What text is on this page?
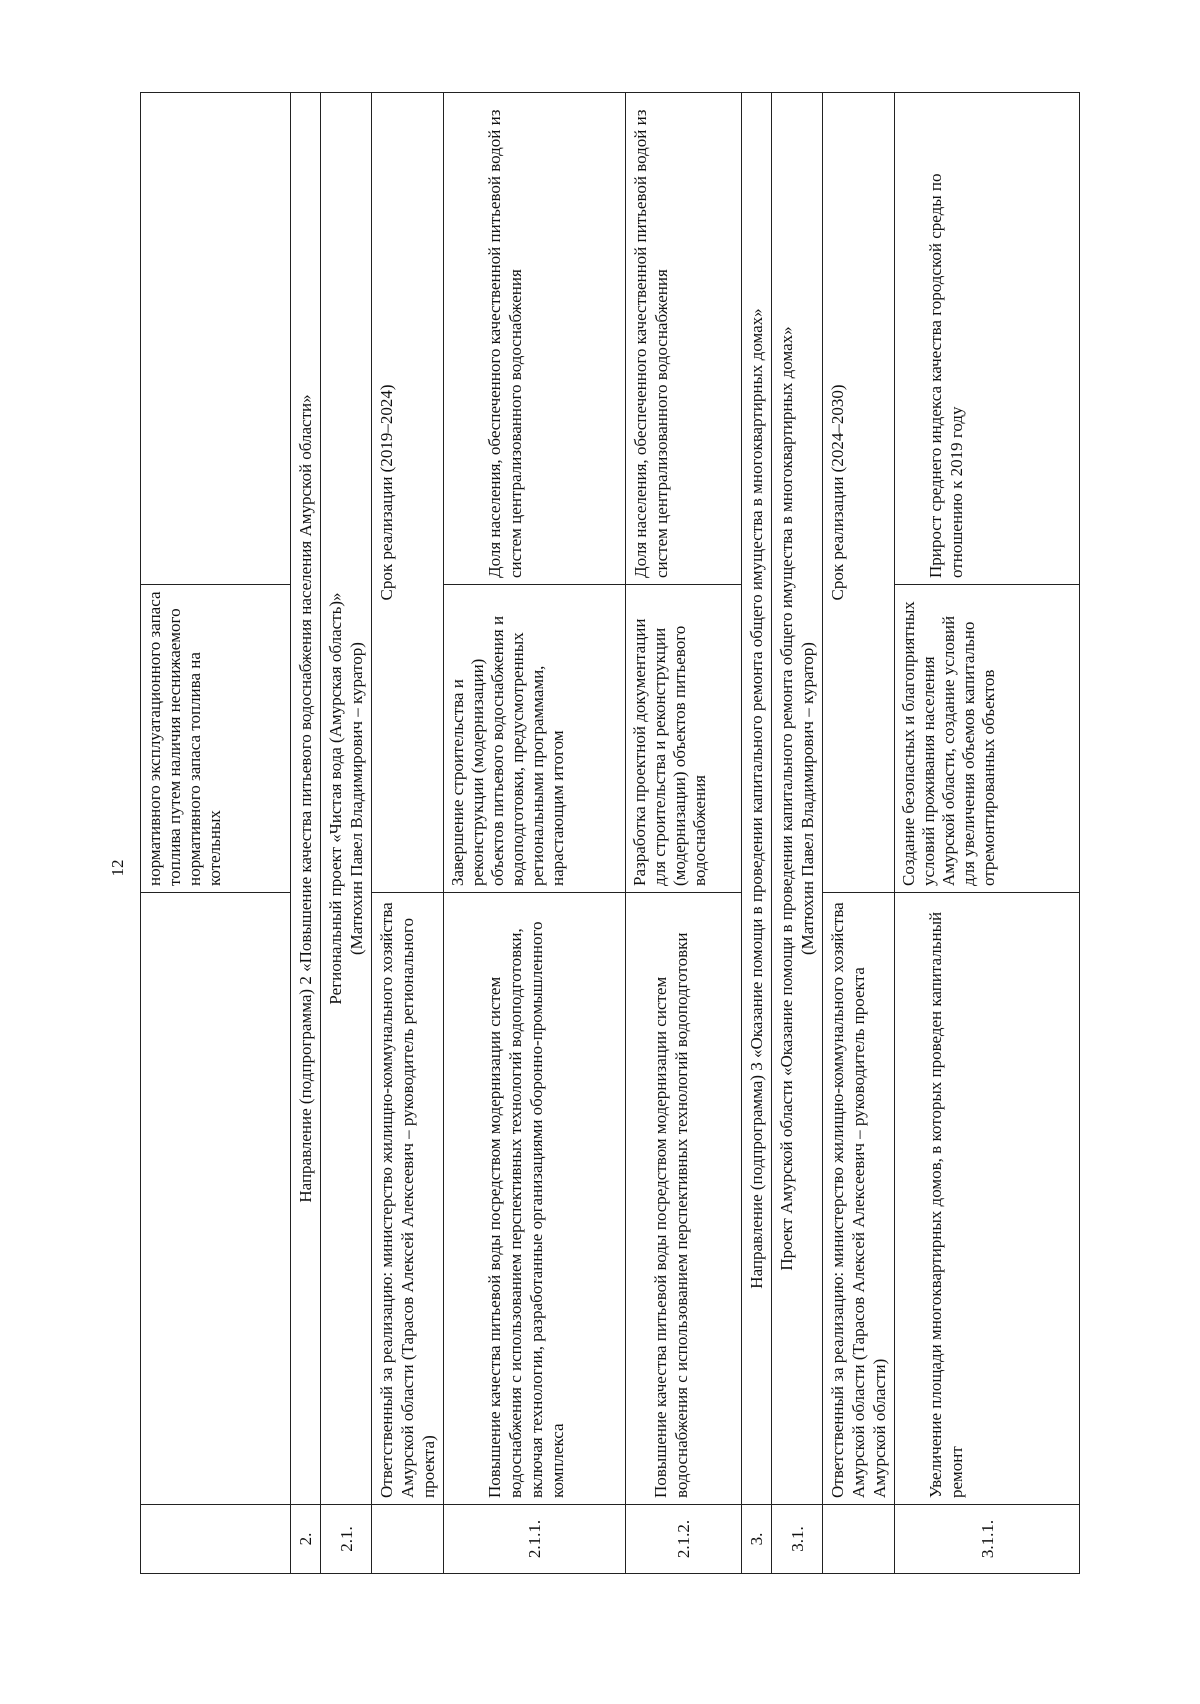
12
		нормативного эксплуатационного запаса топлива путем наличия неснижаемого нормативного запаса топлива на котельных	
2.	Направление (подпрограмма) 2 «Повышение качества питьевого водоснабжения населения Амурской области»		
2.1.	Региональный проект «Чистая вода (Амурская область)» (Матюхин Павел Владимирович – куратор)		

	Ответственный за реализацию: министерство жилищно-коммунального хозяйства Амурской области (Тарасов Алексей Алексеевич – руководитель регионального проекта)	Срок реализации (2019–2024)	
2.1.1.	Повышение качества питьевой воды посредством модернизации систем водоснабжения с использованием перспективных технологий водоподготовки, включая технологии, разработанные организациями оборонно-промышленного комплекса	Завершение строительства и реконструкции (модернизации) объектов питьевого водоснабжения и водоподготовки, предусмотренных региональными программами, нарастающим итогом	Доля населения, обеспеченного качественной питьевой водой из систем централизованного водоснабжения
2.1.2.	Повышение качества питьевой воды посредством модернизации систем водоснабжения с использованием перспективных технологий водоподготовки	Разработка проектной документации для строительства и реконструкции (модернизации) объектов питьевого водоснабжения	Доля населения, обеспеченного качественной питьевой водой из систем централизованного водоснабжения
3.	Направление (подпрограмма) 3 «Оказание помощи в проведении капитального ремонта общего имущества в многоквартирных домах»		
3.1.	Проект Амурской области «Оказание помощи в проведении капитального ремонта общего имущества в многоквартирных домах» (Матюхин Павел Владимирович – куратор)		

	Ответственный за реализацию: министерство жилищно-коммунального хозяйства Амурской области (Тарасов Алексей Алексеевич – руководитель проекта Амурской области)	Срок реализации (2024–2030)	
3.1.1.	Увеличение площади многоквартирных домов, в которых проведен капитальный ремонт	Создание безопасных и благоприятных условий проживания населения Амурской области, создание условий для увеличения объемов капитально отремонтированных объектов	Прирост среднего индекса качества городской среды по отношению к 2019 году
